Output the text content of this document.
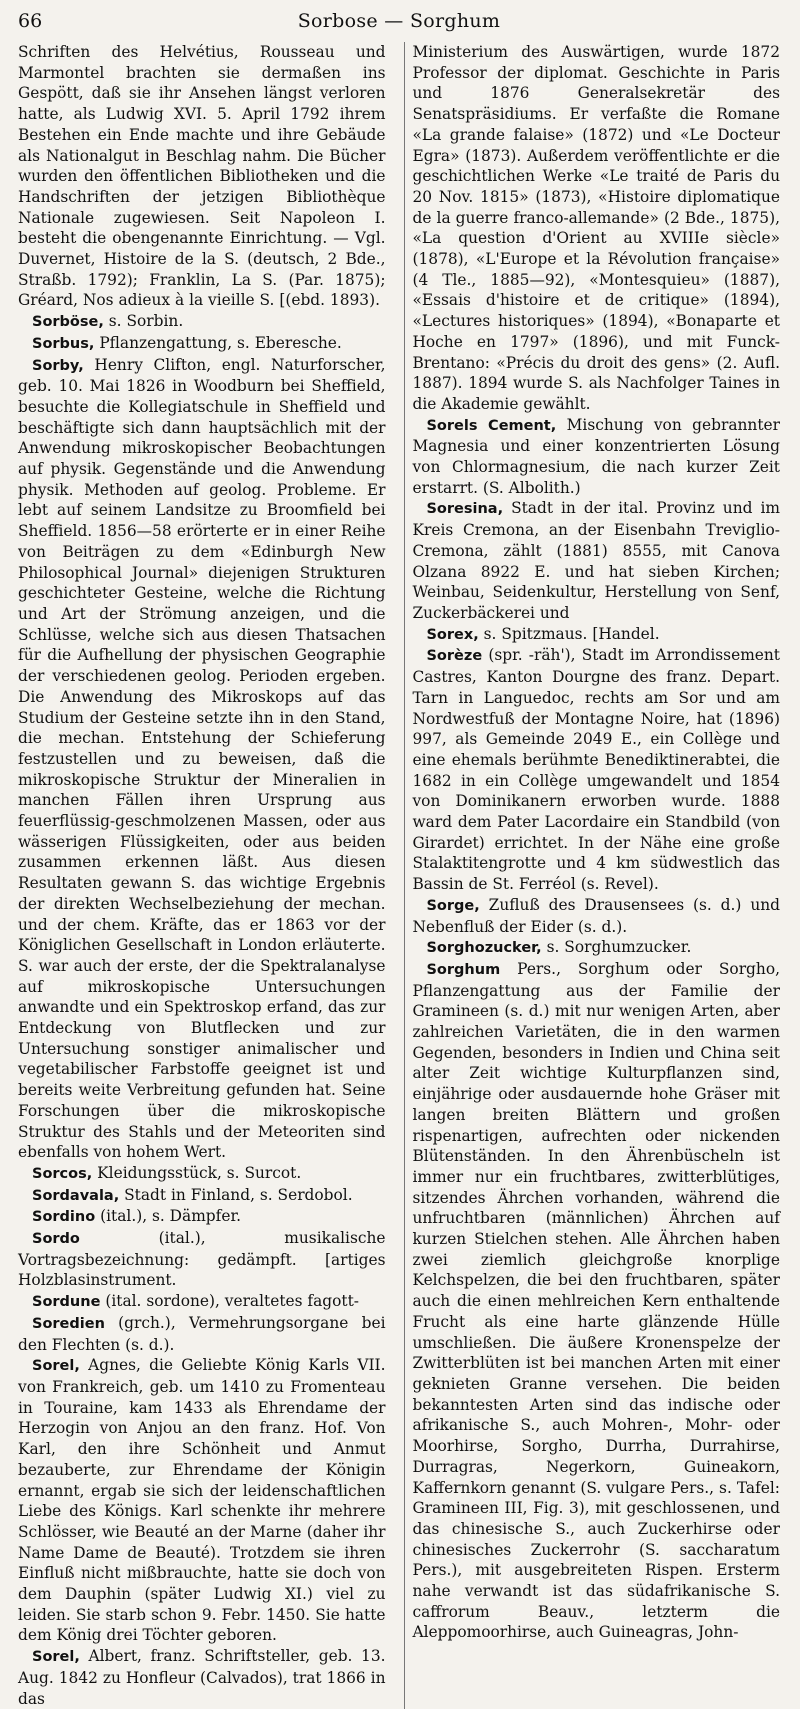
66	Sorbose — Sorghum

Schriften des Helvétius, Rousseau und Marmontel brachten sie dermaßen ins Gespött, daß sie ihr Ansehen längst verloren hatte, als Ludwig XVI. 5. April 1792 ihrem Bestehen ein Ende machte und ihre Gebäude als Nationalgut in Beschlag nahm. Die Bücher wurden den öffentlichen Bibliotheken und die Handschriften der jetzigen Bibliothèque Nationale zugewiesen. Seit Napoleon I. besteht die obengenannte Einrichtung. — Vgl. Duvernet, Histoire de la S. (deutsch, 2 Bde., Straßb. 1792); Franklin, La S. (Par. 1875); Gréard, Nos adieux à la vieille S. [(ebd. 1893).

Sorböse, s. Sorbin.

Sorbus, Pflanzengattung, s. Eberesche.

Sorby, Henry Clifton, engl. Naturforscher, geb. 10. Mai 1826 in Woodburn bei Sheffield, besuchte die Kollegiatschule in Sheffield und beschäftigte sich dann hauptsächlich mit der Anwendung mikroskopischer Beobachtungen auf physik. Gegenstände und die Anwendung physik. Methoden auf geolog. Probleme. Er lebt auf seinem Landsitze zu Broomfield bei Sheffield. 1856—58 erörterte er in einer Reihe von Beiträgen zu dem «Edinburgh New Philosophical Journal» diejenigen Strukturen geschichteter Gesteine, welche die Richtung und Art der Strömung anzeigen, und die Schlüsse, welche sich aus diesen Thatsachen für die Aufhellung der physischen Geographie der verschiedenen geolog. Perioden ergeben. Die Anwendung des Mikroskops auf das Studium der Gesteine setzte ihn in den Stand, die mechan. Entstehung der Schieferung festzustellen und zu beweisen, daß die mikroskopische Struktur der Mineralien in manchen Fällen ihren Ursprung aus feuerflüssig-geschmolzenen Massen, oder aus wässerigen Flüssigkeiten, oder aus beiden zusammen erkennen läßt. Aus diesen Resultaten gewann S. das wichtige Ergebnis der direkten Wechselbeziehung der mechan. und der chem. Kräfte, das er 1863 vor der Königlichen Gesellschaft in London erläuterte. S. war auch der erste, der die Spektralanalyse auf mikroskopische Untersuchungen anwandte und ein Spektroskop erfand, das zur Entdeckung von Blutflecken und zur Untersuchung sonstiger animalischer und vegetabilischer Farbstoffe geeignet ist und bereits weite Verbreitung gefunden hat. Seine Forschungen über die mikroskopische Struktur des Stahls und der Meteoriten sind ebenfalls von hohem Wert.

Sorcos, Kleidungsstück, s. Surcot.

Sordavala, Stadt in Finland, s. Serdobol.

Sordino (ital.), s. Dämpfer.

Sordo	(ital.), musikalische Vortragsbezeichnung: gedämpft. [artiges Holzblasinstrument.

Sordune (ital. sordone), veraltetes fagott-

Soredien (grch.), Vermehrungsorgane bei den Flechten (s. d.).

Sorel, Agnes, die Geliebte König Karls VII. von Frankreich, geb. um 1410 zu Fromenteau in Touraine, kam 1433 als Ehrendame der Herzogin von Anjou an den franz. Hof. Von Karl, den ihre Schönheit und Anmut bezauberte, zur Ehrendame der Königin ernannt, ergab sie sich der leidenschaftlichen Liebe des Königs. Karl schenkte ihr mehrere Schlösser, wie Beauté an der Marne (daher ihr Name Dame de Beauté). Trotzdem sie ihren Einfluß nicht mißbrauchte, hatte sie doch von dem Dauphin (später Ludwig XI.) viel zu leiden. Sie starb schon 9. Febr. 1450. Sie hatte dem König drei Töchter geboren.

Sorel, Albert, franz. Schriftsteller, geb. 13. Aug. 1842 zu Honfleur (Calvados), trat 1866 in das

Ministerium des Auswärtigen, wurde 1872 Professor der diplomat. Geschichte in Paris und 1876 Generalsekretär des Senatspräsidiums. Er verfaßte die Romane «La grande falaise» (1872) und «Le Docteur Egra» (1873). Außerdem veröffentlichte er die geschichtlichen Werke «Le traité de Paris du 20 Nov. 1815» (1873), «Histoire diplomatique de la guerre franco-allemande» (2 Bde., 1875), «La question d'Orient au XVIIIe siècle» (1878), «L'Europe et la Révolution française» (4 Tle., 1885—92), «Montesquieu» (1887), «Essais d'histoire et de critique» (1894), «Lectures historiques» (1894), «Bonaparte et Hoche en 1797» (1896), und mit Funck-Brentano: «Précis du droit des gens» (2. Aufl. 1887). 1894 wurde S. als Nachfolger Taines in die Akademie gewählt.

Sorels Cement, Mischung von gebrannter Magnesia und einer konzentrierten Lösung von Chlormagnesium, die nach kurzer Zeit erstarrt. (S. Albolith.)

Soresina, Stadt in der ital. Provinz und im Kreis Cremona, an der Eisenbahn Treviglio-Cremona, zählt (1881) 8555, mit Canova Olzana 8922 E. und hat sieben Kirchen; Weinbau, Seidenkultur, Herstellung von Senf, Zuckerbäckerei und

Sorex, s. Spitzmaus. [Handel.

Sorèze (spr. -räh'), Stadt im Arrondissement Castres, Kanton Dourgne des franz. Depart. Tarn in Languedoc, rechts am Sor und am Nordwestfuß der Montagne Noire, hat (1896) 997, als Gemeinde 2049 E., ein Collège und eine ehemals berühmte Benediktinerabtei, die 1682 in ein Collège umgewandelt und 1854 von Dominikanern erworben wurde. 1888 ward dem Pater Lacordaire ein Standbild (von Girardet) errichtet. In der Nähe eine große Stalaktitengrotte und 4 km südwestlich das Bassin de St. Ferréol (s. Revel).

Sorge, Zufluß des Drausensees (s. d.) und Nebenfluß der Eider (s. d.).

Sorghozucker, s. Sorghumzucker.

Sorghum Pers., Sorghum oder Sorgho, Pflanzengattung aus der Familie der Gramineen (s. d.) mit nur wenigen Arten, aber zahlreichen Varietäten, die in den warmen Gegenden, besonders in Indien und China seit alter Zeit wichtige Kulturpflanzen sind, einjährige oder ausdauernde hohe Gräser mit langen breiten Blättern und großen rispenartigen, aufrechten oder nickenden Blütenständen. In den Ährenbüscheln ist immer nur ein fruchtbares, zwitterblütiges, sitzendes Ährchen vorhanden, während die unfruchtbaren (männlichen) Ährchen auf kurzen Stielchen stehen. Alle Ährchen haben zwei ziemlich gleichgroße knorplige Kelchspelzen, die bei den fruchtbaren, später auch die einen mehlreichen Kern enthaltende Frucht als eine harte glänzende Hülle umschließen. Die äußere Kronenspelze der Zwitterblüten ist bei manchen Arten mit einer geknieten Granne versehen. Die beiden bekanntesten Arten sind das indische oder afrikanische S., auch Mohren-, Mohr- oder Moorhirse, Sorgho, Durrha, Durrahirse, Durragras, Negerkorn, Guineakorn, Kaffernkorn genannt (S. vulgare Pers., s. Tafel: Gramineen III, Fig. 3), mit geschlossenen, und das chinesische S., auch Zuckerhirse oder chinesisches Zuckerrohr (S. saccharatum Pers.), mit ausgebreiteten Rispen. Ersterm nahe verwandt ist das südafrikanische S. caffrorum Beauv., letzterm die Aleppomoorhirse, auch Guineagras, John-
